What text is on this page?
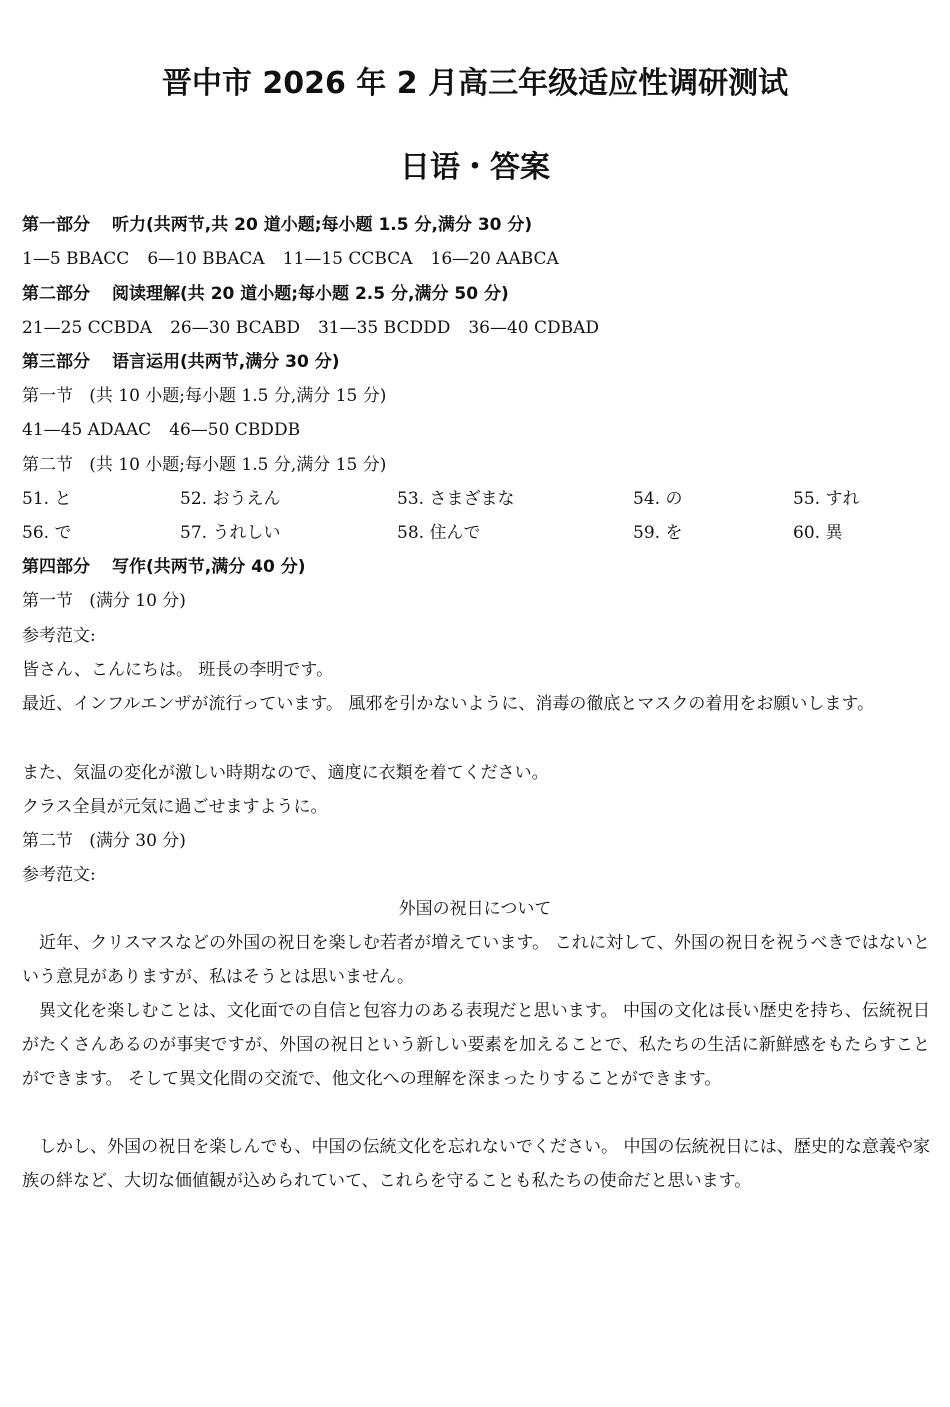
晋中市 2026 年 2 月高三年级适应性调研测试
日语・答案
第一部分 听力(共两节,共 20 道小题;每小题 1.5 分,满分 30 分)
1—5 BBACC 6—10 BBACA 11—15 CCBCA 16—20 AABCA
第二部分 阅读理解(共 20 道小题;每小题 2.5 分,满分 50 分)
21—25 CCBDA 26—30 BCABD 31—35 BCDDD 36—40 CDBAD
第三部分 语言运用(共两节,满分 30 分)
第一节 (共 10 小题;每小题 1.5 分,满分 15 分)
41—45 ADAAC 46—50 CBDDB
第二节 (共 10 小题;每小题 1.5 分,满分 15 分)
51. と	52. おうえん	53. さまざまな	54. の	55. すれ
56. で	57. うれしい	58. 住んで	59. を	60. 異
第四部分 写作(共两节,满分 40 分)
第一节 (满分 10 分)
参考范文:
皆さん、こんにちは。 班長の李明です。
最近、インフルエンザが流行っています。 風邪を引かないように、消毒の徹底とマスクの着用をお願いします。
また、気温の変化が激しい時期なので、適度に衣類を着てください。
クラス全員が元気に過ごせますように。
第二节 (满分 30 分)
参考范文:
外国の祝日について
近年、クリスマスなどの外国の祝日を楽しむ若者が増えています。 これに対して、外国の祝日を祝うべきではないという意見がありますが、私はそうとは思いません。
異文化を楽しむことは、文化面での自信と包容力のある表現だと思います。 中国の文化は長い歴史を持ち、伝統祝日がたくさんあるのが事実ですが、外国の祝日という新しい要素を加えることで、私たちの生活に新鮮感をもたらすことができます。 そして異文化間の交流で、他文化への理解を深まったりすることができます。
しかし、外国の祝日を楽しんでも、中国の伝統文化を忘れないでください。 中国の伝統祝日には、歴史的な意義や家族の絆など、大切な価値観が込められていて、これらを守ることも私たちの使命だと思います。
